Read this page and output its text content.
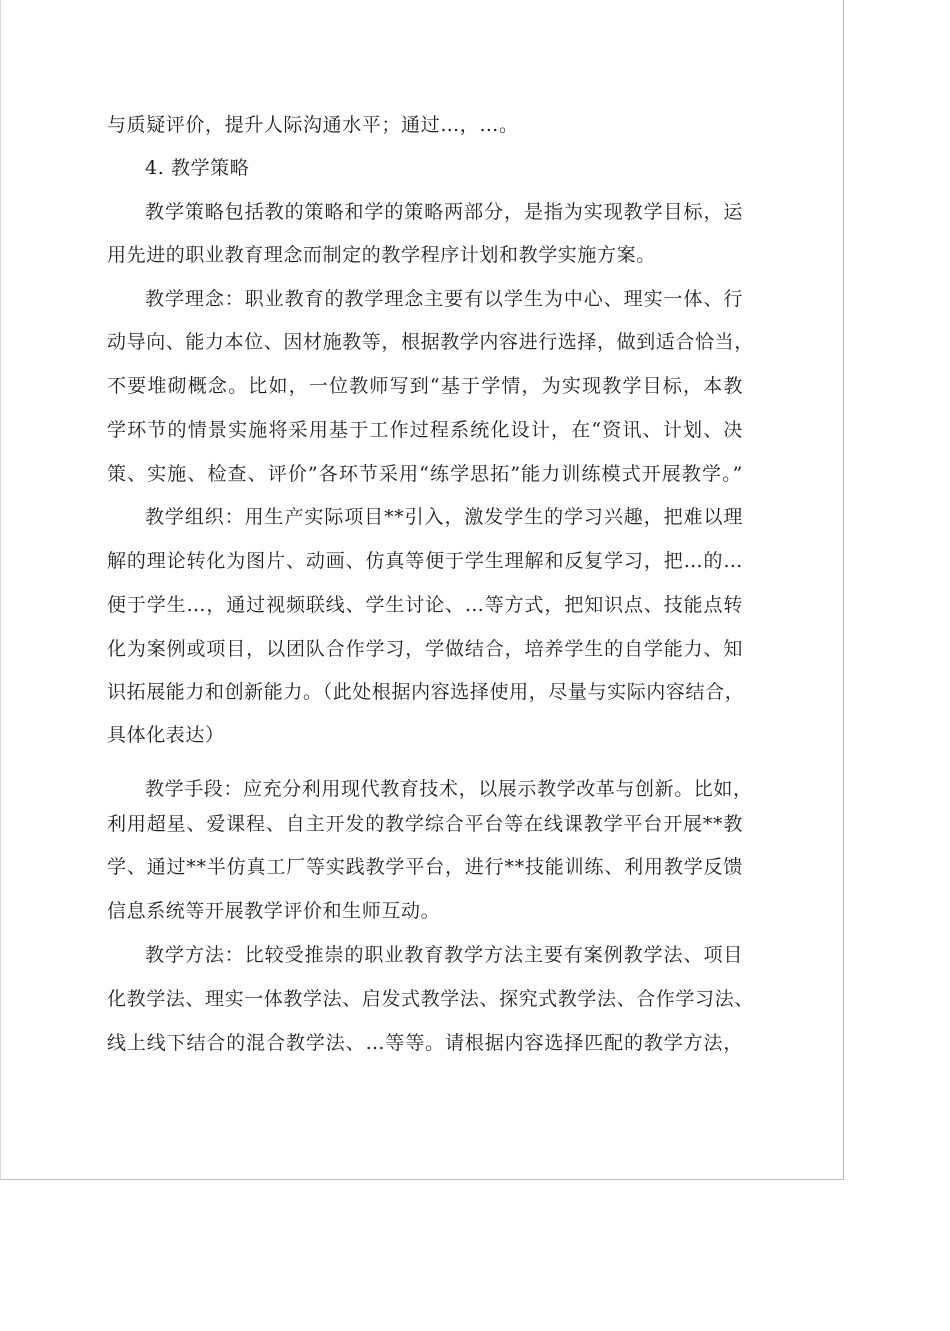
与质疑评价，提升人际沟通水平；通过…，…。

4. 教学策略

教学策略包括教的策略和学的策略两部分，是指为实现教学目标，运

用先进的职业教育理念而制定的教学程序计划和教学实施方案。

教学理念：职业教育的教学理念主要有以学生为中心、理实一体、行

动导向、能力本位、因材施教等，根据教学内容进行选择，做到适合恰当，

不要堆砌概念。比如，一位教师写到“基于学情，为实现教学目标，本教

学环节的情景实施将采用基于工作过程系统化设计，在“资讯、计划、决

策、实施、检查、评价”各环节采用“练学思拓”能力训练模式开展教学。”

教学组织：用生产实际项目**引入，激发学生的学习兴趣，把难以理

解的理论转化为图片、动画、仿真等便于学生理解和反复学习，把…的…

便于学生…，通过视频联线、学生讨论、…等方式，把知识点、技能点转

化为案例或项目，以团队合作学习，学做结合，培养学生的自学能力、知

识拓展能力和创新能力。（此处根据内容选择使用，尽量与实际内容结合，

具体化表达）

教学手段：应充分利用现代教育技术，以展示教学改革与创新。比如，

利用超星、爱课程、自主开发的教学综合平台等在线课教学平台开展**教

学、通过**半仿真工厂等实践教学平台，进行**技能训练、利用教学反馈

信息系统等开展教学评价和生师互动。

教学方法：比较受推崇的职业教育教学方法主要有案例教学法、项目

化教学法、理实一体教学法、启发式教学法、探究式教学法、合作学习法、

线上线下结合的混合教学法、…等等。请根据内容选择匹配的教学方法，
